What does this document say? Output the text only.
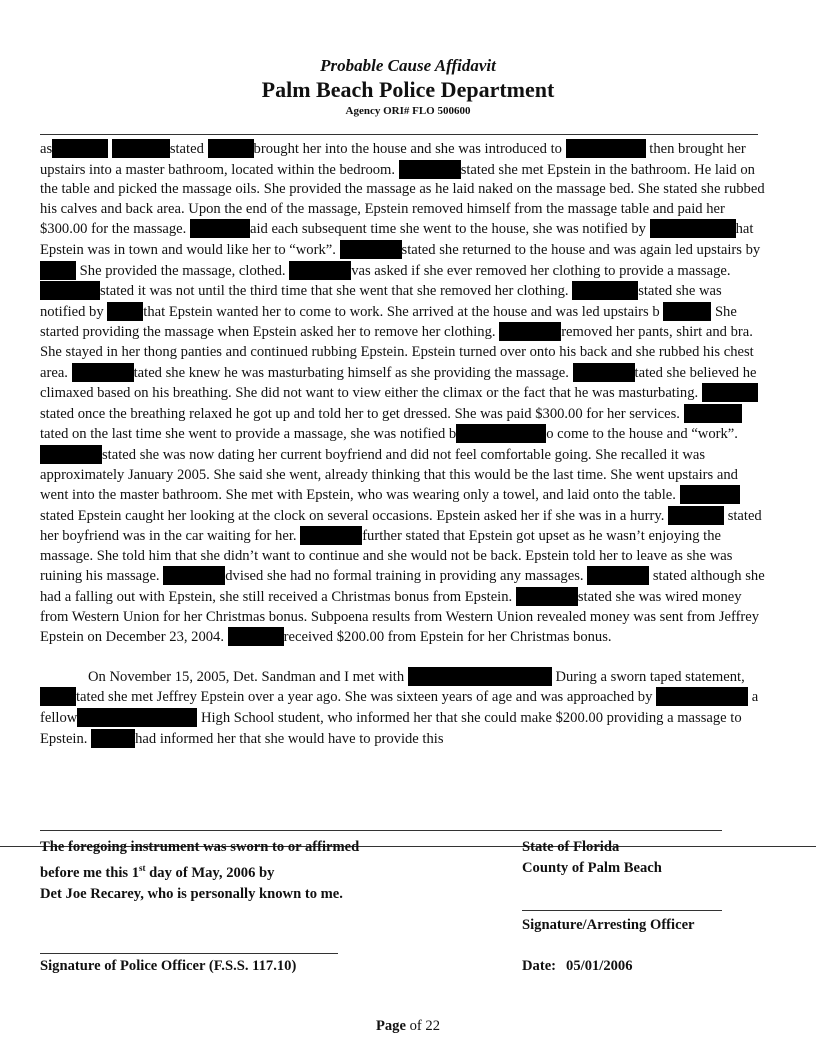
Probable Cause Affidavit
Palm Beach Police Department
Agency ORI# FLO 500600

as	stated	brought her into the house and she was introduced to	then brought her upstairs into a master bathroom, located within the bedroom.	stated she met Epstein in the bathroom. He laid on the table and picked the massage oils. She provided the massage as he laid naked on the massage bed. She stated she rubbed his calves and back area. Upon the end of the massage, Epstein removed himself from the massage table and paid her $300.00 for the massage.	aid each subsequent time she went to the house, she was notified by	hat Epstein was in town and would like her to “work”.	stated she returned to the house and was again led upstairs by  She provided the massage, clothed.	vas asked if she ever removed her clothing to provide a massage. stated it was not until the third time that she went that she removed her clothing.	stated she was notified by	that Epstein wanted her to come to work. She arrived at the house and was led upstairs b	She started providing the massage when Epstein asked her to remove her clothing.	removed her pants, shirt and bra. She stayed in her thong panties and continued rubbing Epstein. Epstein turned over onto his back and she rubbed his chest area.	tated she knew he was masturbating himself as she providing the massage.	tated she believed he climaxed based on his breathing. She did not want to view either the climax or the fact that he was masturbating.  stated once the breathing relaxed he got up and told her to get dressed. She was paid $300.00 for her services. tated on the last time she went to provide a massage, she was notified b	o come to the house and “work”. stated she was now dating her current boyfriend and did not feel comfortable going. She recalled it was approximately January 2005. She said she went, already thinking that this would be the last time. She went upstairs and went into the master bathroom. She met with Epstein, who was wearing only a towel, and laid onto the table. stated Epstein caught her looking at the clock on several occasions. Epstein asked her if she was in a hurry.	stated her boyfriend was in the car waiting for her.	further stated that Epstein got upset as he wasn’t enjoying the massage. She told him that she didn’t want to continue and she would not be back. Epstein told her to leave as she was ruining his massage.	dvised she had no formal training in providing any massages.	stated although she had a falling out with Epstein, she still received a Christmas bonus from Epstein.	stated she was wired money from Western Union for her Christmas bonus. Subpoena results from Western Union revealed money was sent from Jeffrey Epstein on December 23, 2004.	received $200.00 from Epstein for her Christmas bonus.

On November 15, 2005, Det. Sandman and I met with	During a sworn taped statement,tated she met Jeffrey Epstein over a year ago. She was sixteen years of age and was approached by	a fellow	High School student, who informed her that she could make $200.00 providing a massage to Epstein.	had informed her that she would have to provide this

The foregoing instrument was sworn to or affirmed
before me this 1st day of May, 2006 by
Det Joe Recarey, who is personally known to me.
State of Florida
County of Palm Beach
Signature/Arresting Officer
Signature of Police Officer (F.S.S. 117.10)	Date: 05/01/2006
Page of 22
